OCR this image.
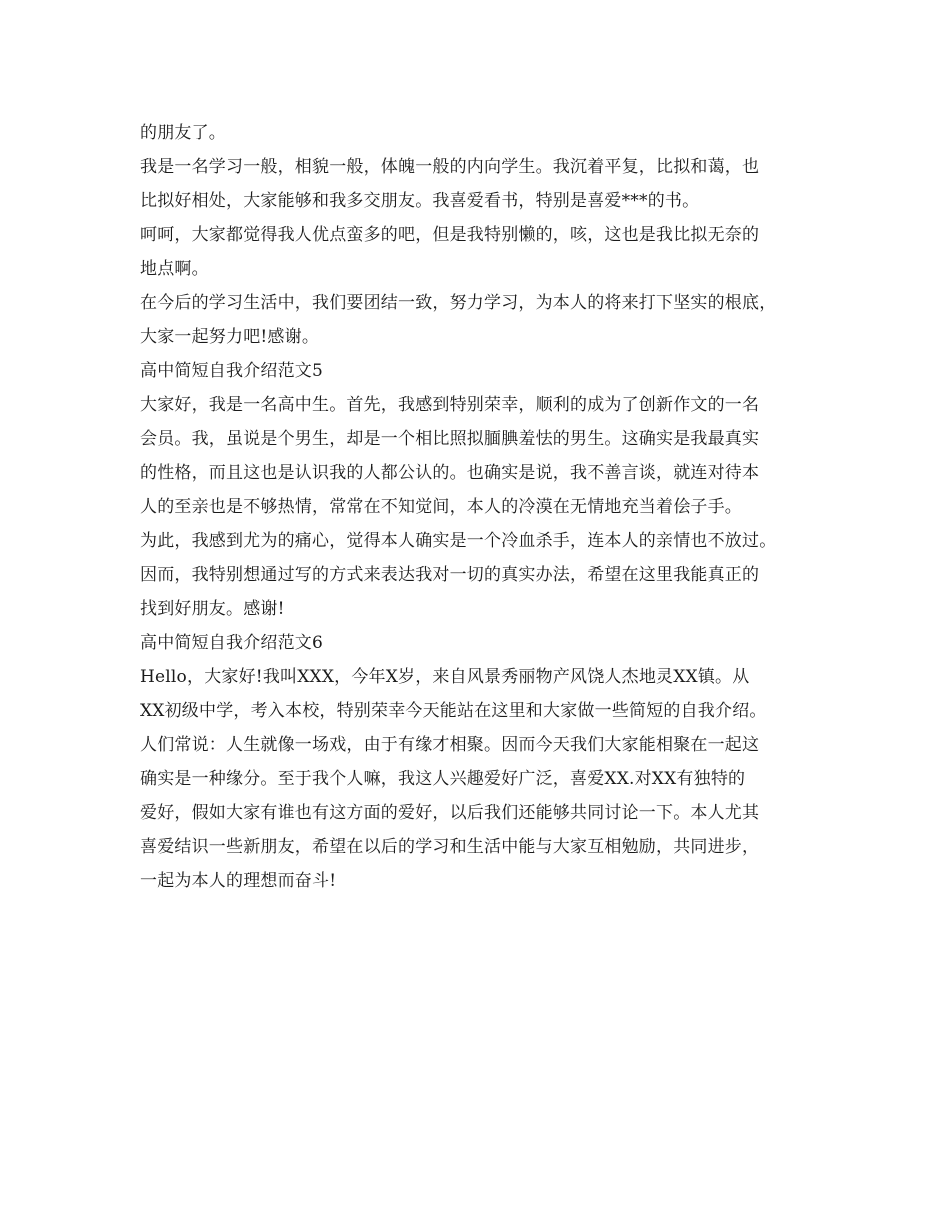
的朋友了。
我是一名学习一般，相貌一般，体魄一般的内向学生。我沉着平复，比拟和蔼，也
比拟好相处，大家能够和我多交朋友。我喜爱看书，特别是喜爱***的书。
呵呵，大家都觉得我人优点蛮多的吧，但是我特别懒的，咳，这也是我比拟无奈的
地点啊。
在今后的学习生活中，我们要团结一致，努力学习，为本人的将来打下坚实的根底，
大家一起努力吧!感谢。
高中简短自我介绍范文5
大家好，我是一名高中生。首先，我感到特别荣幸，顺利的成为了创新作文的一名
会员。我，虽说是个男生，却是一个相比照拟腼腆羞怯的男生。这确实是我最真实
的性格，而且这也是认识我的人都公认的。也确实是说，我不善言谈，就连对待本
人的至亲也是不够热情，常常在不知觉间，本人的冷漠在无情地充当着侩子手。
为此，我感到尤为的痛心，觉得本人确实是一个冷血杀手，连本人的亲情也不放过。
因而，我特别想通过写的方式来表达我对一切的真实办法，希望在这里我能真正的
找到好朋友。感谢!
高中简短自我介绍范文6
Hello，大家好!我叫XXX，今年X岁，来自风景秀丽物产风饶人杰地灵XX镇。从
XX初级中学，考入本校，特别荣幸今天能站在这里和大家做一些简短的自我介绍。
人们常说：人生就像一场戏，由于有缘才相聚。因而今天我们大家能相聚在一起这
确实是一种缘分。至于我个人嘛，我这人兴趣爱好广泛，喜爱XX.对XX有独特的
爱好，假如大家有谁也有这方面的爱好，以后我们还能够共同讨论一下。本人尤其
喜爱结识一些新朋友，希望在以后的学习和生活中能与大家互相勉励，共同进步，
一起为本人的理想而奋斗!
